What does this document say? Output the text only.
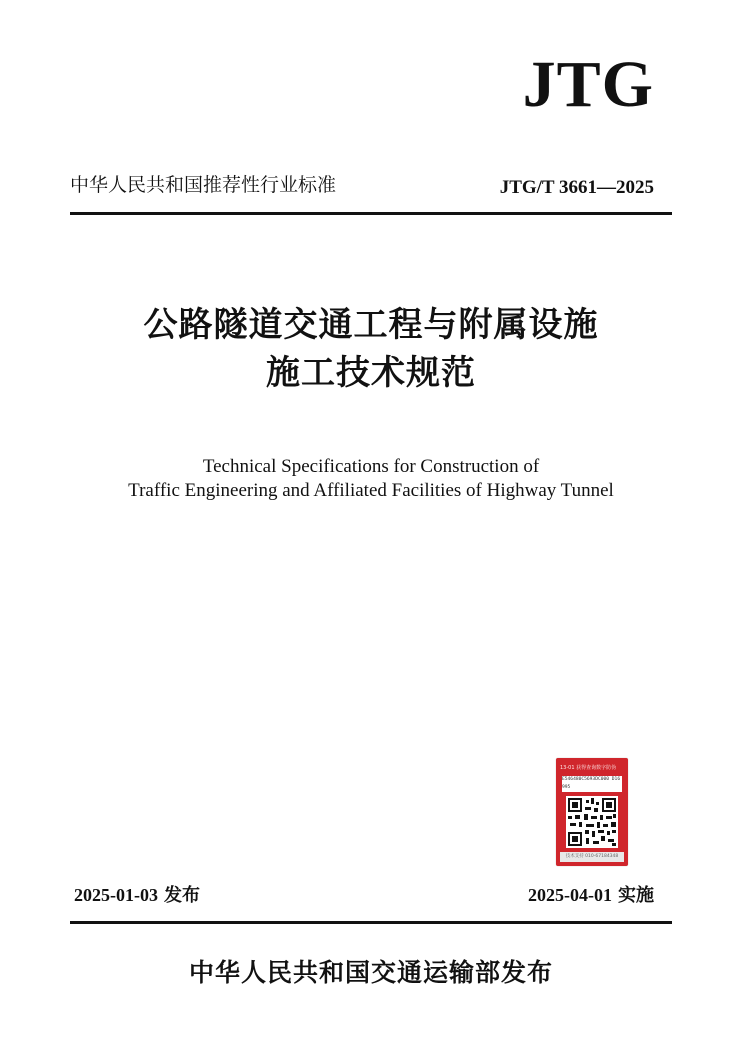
JTG
中华人民共和国推荐性行业标准	JTG/T 3661—2025
公路隧道交通工程与附属设施
施工技术规范
Technical Specifications for Construction of
Traffic Engineering and Affiliated Facilities of Highway Tunnel
13-01 获得查询数字防伪
E546480C5693DC000 D16995
技术支持 010-67184348
2025-01-03 发布	2025-04-01 实施
中华人民共和国交通运输部发布
